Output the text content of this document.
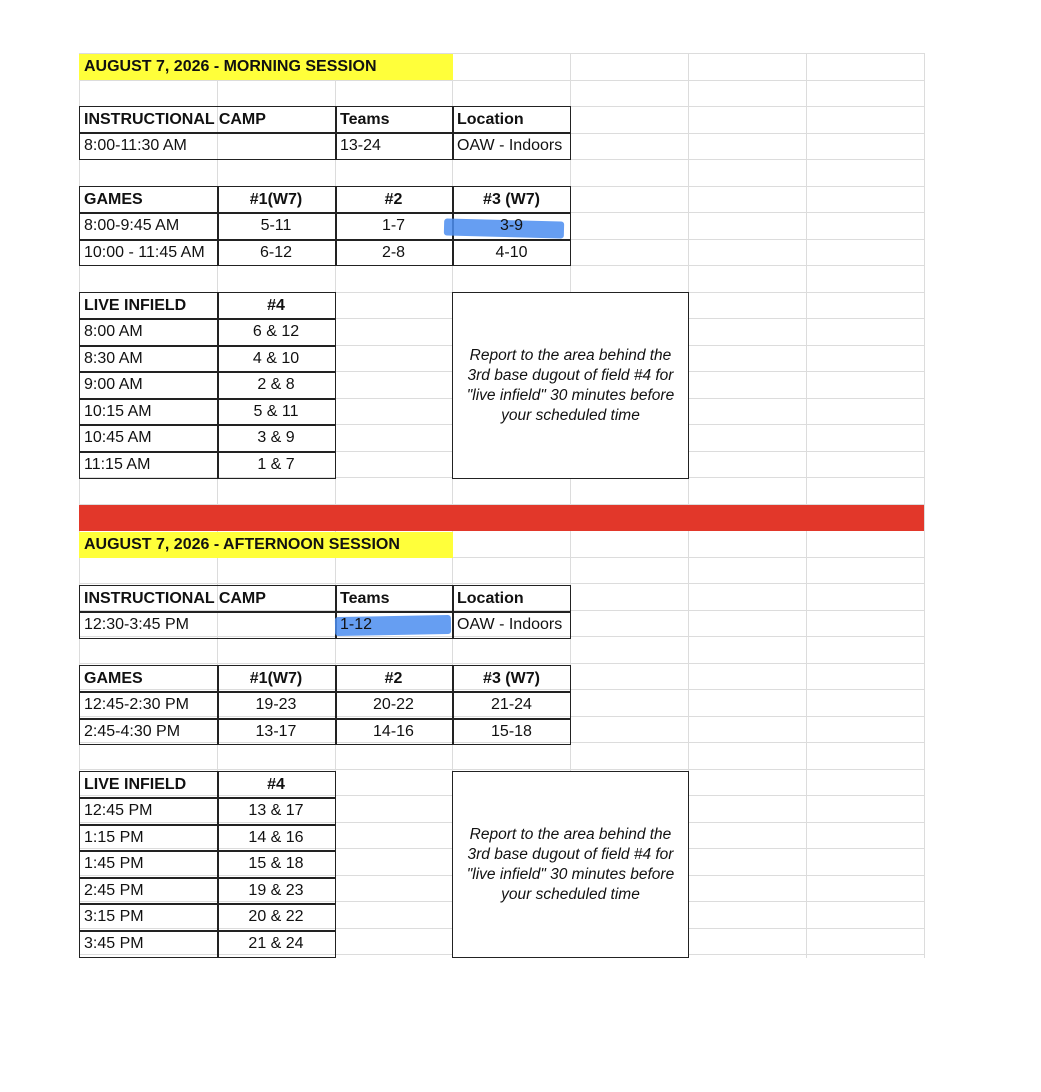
AUGUST 7, 2026 - MORNING SESSION
INSTRUCTIONAL CAMP	Teams	Location
8:00-11:30 AM	13-24	OAW - Indoors
GAMES	#1(W7)	#2	#3 (W7)
8:00-9:45 AM	5-11	1-7	3-9
10:00 - 11:45 AM	6-12	2-8	4-10
LIVE INFIELD	#4
8:00 AM	6 & 12
8:30 AM	4 & 10
9:00 AM	2 & 8
10:15 AM	5 & 11
10:45 AM	3 & 9
11:15 AM	1 & 7
Report to the area behind the
3rd base dugout of field #4 for
"live infield" 30 minutes before
your scheduled time
AUGUST 7, 2026 - AFTERNOON SESSION
INSTRUCTIONAL CAMP	Teams	Location
12:30-3:45 PM	1-12	OAW - Indoors
GAMES	#1(W7)	#2	#3 (W7)
12:45-2:30 PM	19-23	20-22	21-24
2:45-4:30 PM	13-17	14-16	15-18
LIVE INFIELD	#4
12:45 PM	13 & 17
1:15 PM	14 & 16
1:45 PM	15 & 18
2:45 PM	19 & 23
3:15 PM	20 & 22
3:45 PM	21 & 24
Report to the area behind the
3rd base dugout of field #4 for
"live infield" 30 minutes before
your scheduled time
